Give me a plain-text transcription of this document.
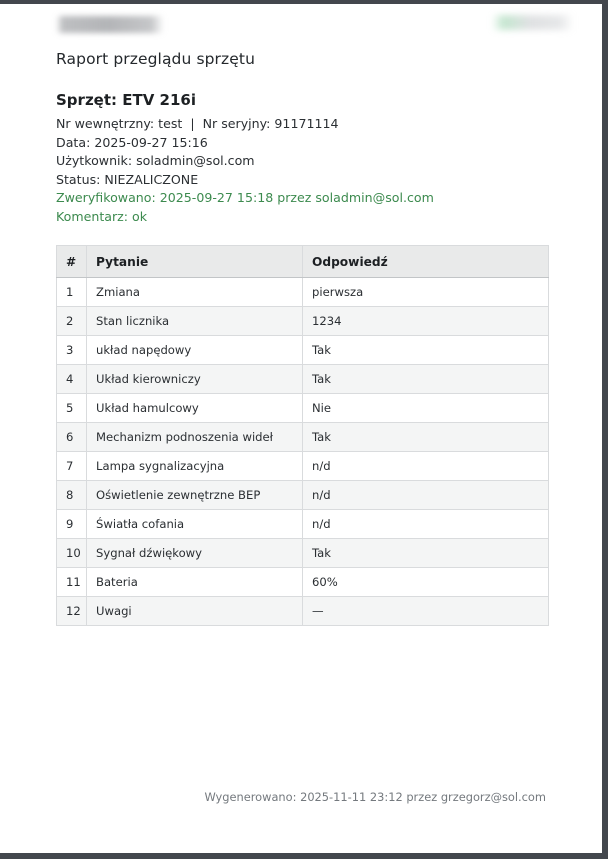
Raport przeglądu sprzętu
Sprzęt: ETV 216i
Nr wewnętrzny: test  |  Nr seryjny: 91171114
Data: 2025-09-27 15:16
Użytkownik: soladmin@sol.com
Status: NIEZALICZONE
Zweryfikowano: 2025-09-27 15:18 przez soladmin@sol.com
Komentarz: ok
#	Pytanie	Odpowiedź
1	Zmiana	pierwsza
2	Stan licznika	1234
3	układ napędowy	Tak
4	Układ kierowniczy	Tak
5	Układ hamulcowy	Nie
6	Mechanizm podnoszenia wideł	Tak
7	Lampa sygnalizacyjna	n/d
8	Oświetlenie zewnętrzne BEP	n/d
9	Światła cofania	n/d
10	Sygnał dźwiękowy	Tak
11	Bateria	60%
12	Uwagi	—
Wygenerowano: 2025-11-11 23:12 przez grzegorz@sol.com
